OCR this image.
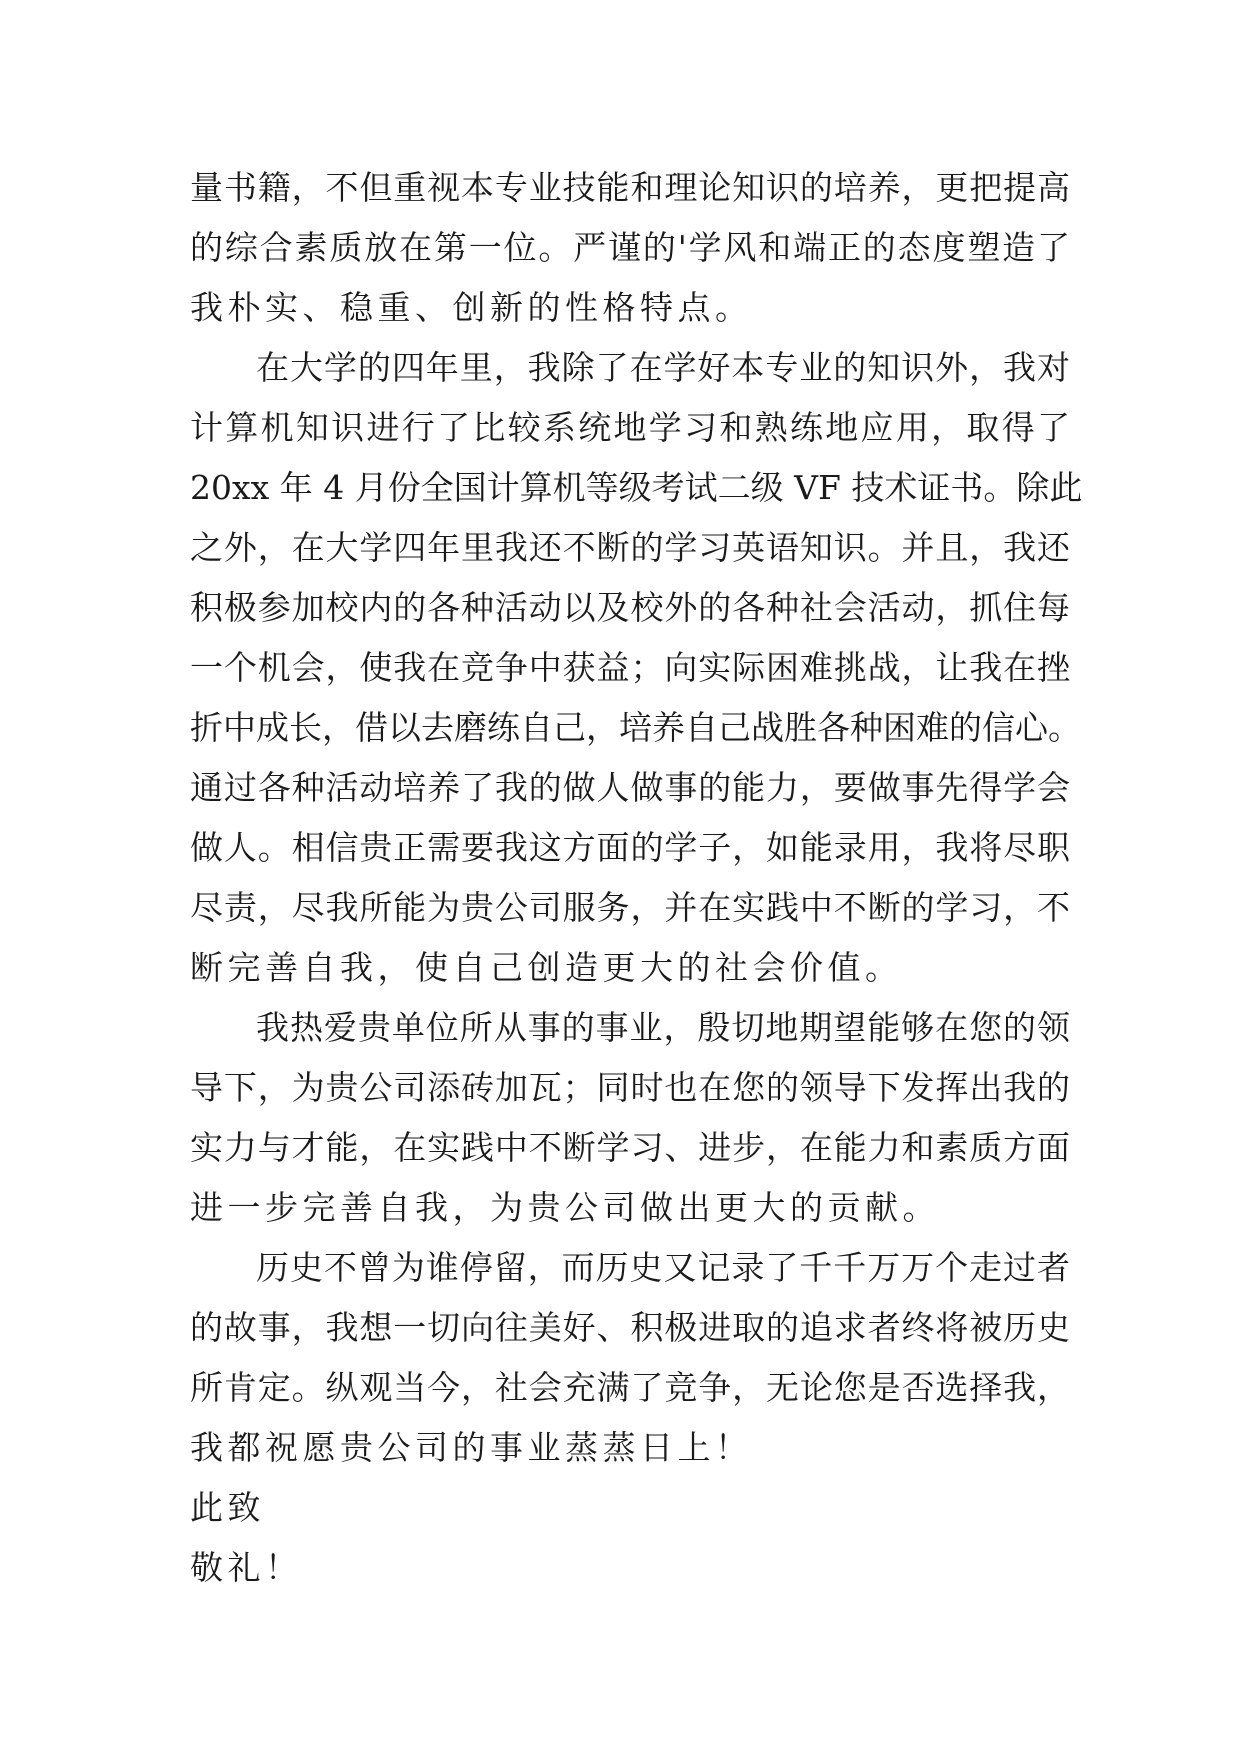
量书籍，不但重视本专业技能和理论知识的培养，更把提高
的综合素质放在第一位。严谨的'学风和端正的态度塑造了
我朴实、稳重、创新的性格特点。
在大学的四年里，我除了在学好本专业的知识外，我对
计算机知识进行了比较系统地学习和熟练地应用，取得了
20xx 年 4 月份全国计算机等级考试二级 VF 技术证书。除此
之外，在大学四年里我还不断的学习英语知识。并且，我还
积极参加校内的各种活动以及校外的各种社会活动，抓住每
一个机会，使我在竞争中获益；向实际困难挑战，让我在挫
折中成长，借以去磨练自己，培养自己战胜各种困难的信心。
通过各种活动培养了我的做人做事的能力，要做事先得学会
做人。相信贵正需要我这方面的学子，如能录用，我将尽职
尽责，尽我所能为贵公司服务，并在实践中不断的学习，不
断完善自我，使自己创造更大的社会价值。
我热爱贵单位所从事的事业，殷切地期望能够在您的领
导下，为贵公司添砖加瓦；同时也在您的领导下发挥出我的
实力与才能，在实践中不断学习、进步，在能力和素质方面
进一步完善自我，为贵公司做出更大的贡献。
历史不曾为谁停留，而历史又记录了千千万万个走过者
的故事，我想一切向往美好、积极进取的追求者终将被历史
所肯定。纵观当今，社会充满了竞争，无论您是否选择我，
我都祝愿贵公司的事业蒸蒸日上！
此致
敬礼！
